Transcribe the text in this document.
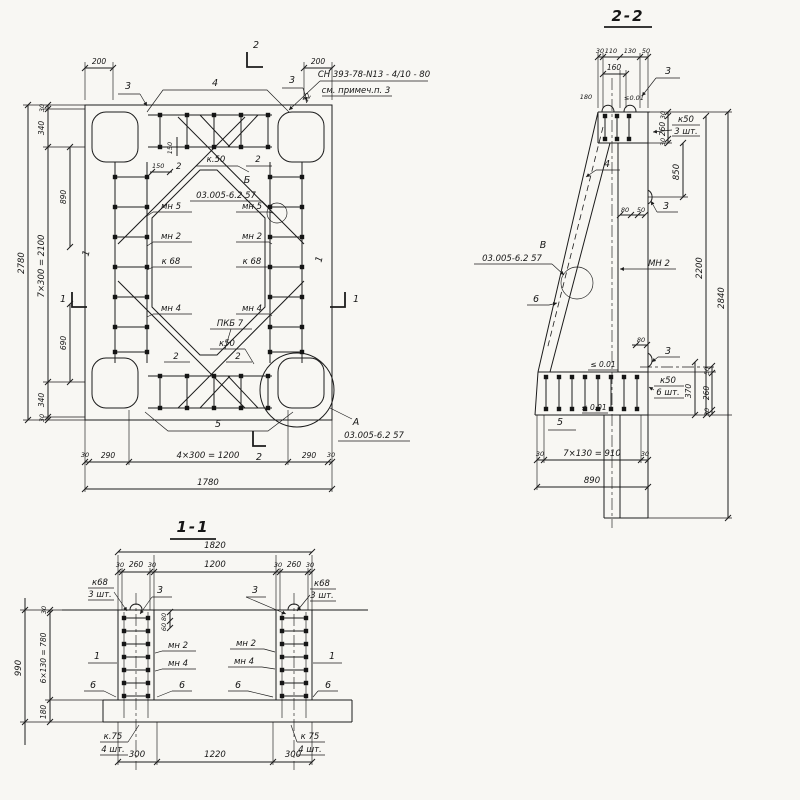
200
3
2
200
3	СН 393-78-N13 - 4/10 - 80
см. примеч.п. 3
22
4
150
150 2
к.50	2
Б
03.005-6.2 57
мн 5	мн 5
мн 2	мн 2
к 68	к 68
мн 4	мн 4
ПКБ 7
к50
2	2
5	А
03.005-6.2 57
2
1	1
1
1
30
340
890
7×300 = 2100
690
340
30
2780
30 290	4×300 = 1200	290 30
1780
2-2
30 110 130 50
160
180	≤0.01
3
30
260
30
к50
3 шт.
850
80 50 3
МН 2	2200
2840
4
В
03.005-6.2 57
6
80
3
≤ 0.01
к50
6 шт. 370
50
260
30
≤ 0.01
5
30 7×130 = 910	30
890
1-1
1820
30 260 30	1200	30 260 30
к68
3 шт.
к68
3 шт.
3	3
80
60
мн 2
мн 4
мн 2
мн 4
1	1
6	6	6	6
к.75
4 шт.
к 75
4 шт.
30
6×130 = 780
180
990
300	1220	300
